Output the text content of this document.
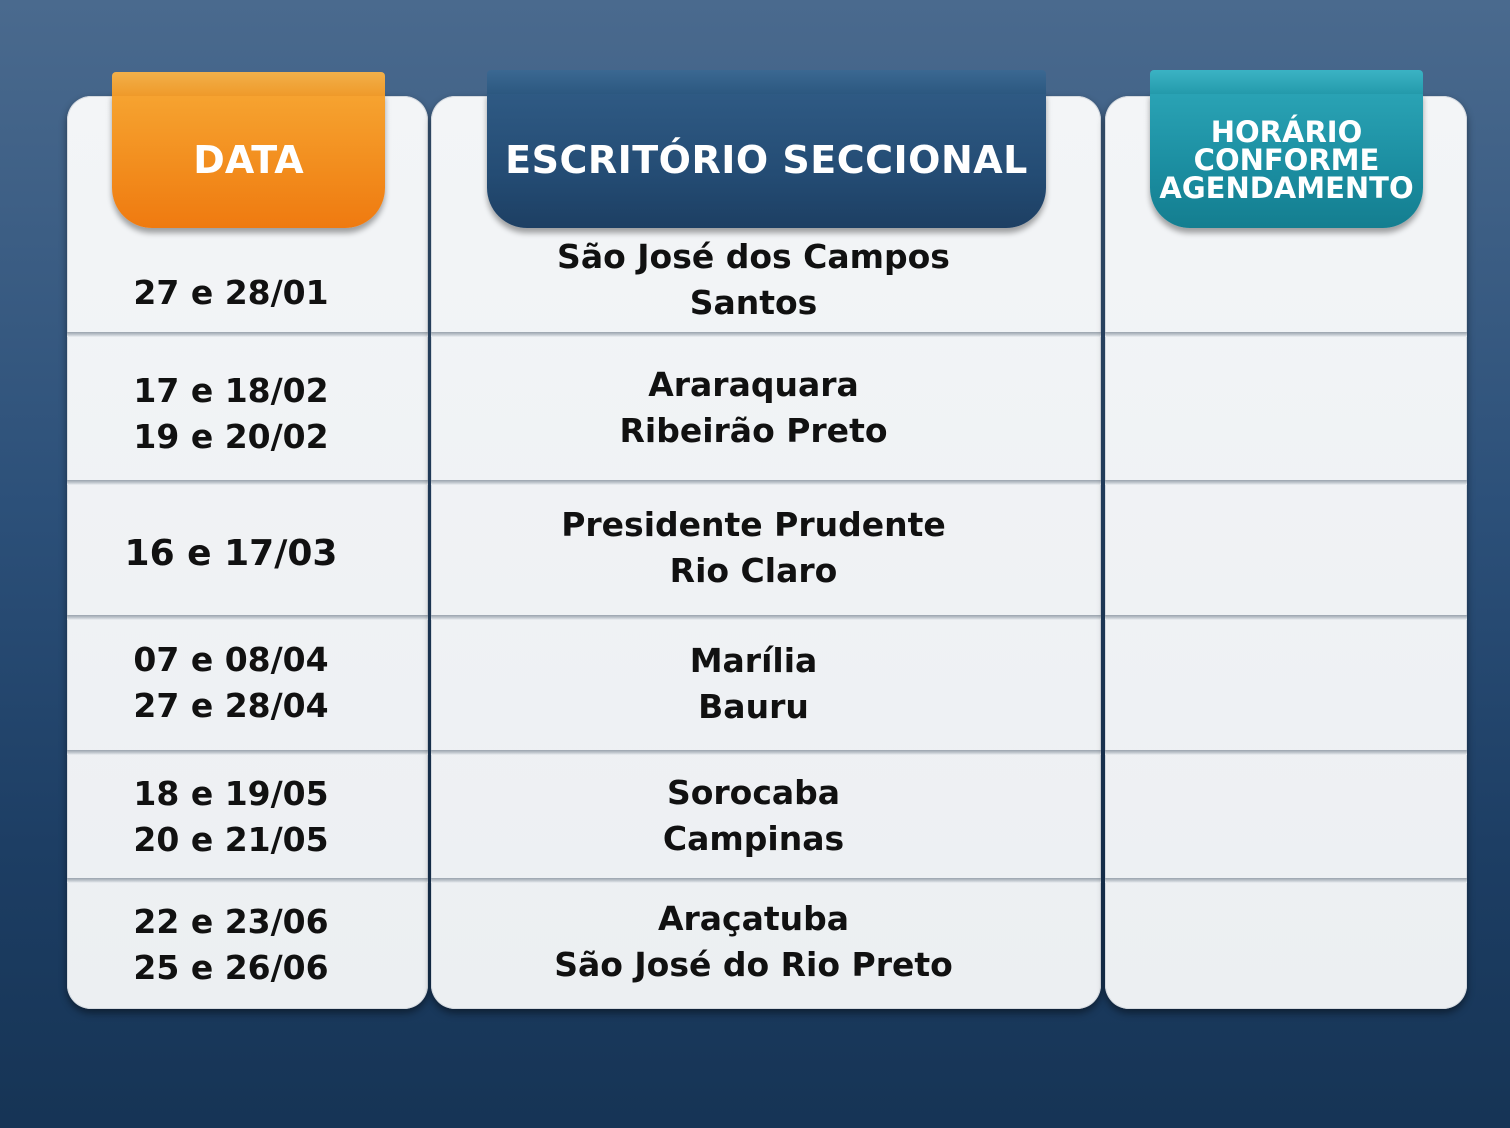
DATA	ESCRITÓRIO SECCIONAL
HORÁRIO
CONFORME
AGENDAMENTO
27 e 28/01
São José dos Campos
Santos
17 e 18/02
19 e 20/02
Araraquara
Ribeirão Preto
16 e 17/03
Presidente Prudente
Rio Claro
07 e 08/04
27 e 28/04
Marília
Bauru
18 e 19/05
20 e 21/05
Sorocaba
Campinas
22 e 23/06
25 e 26/06
Araçatuba
São José do Rio Preto
